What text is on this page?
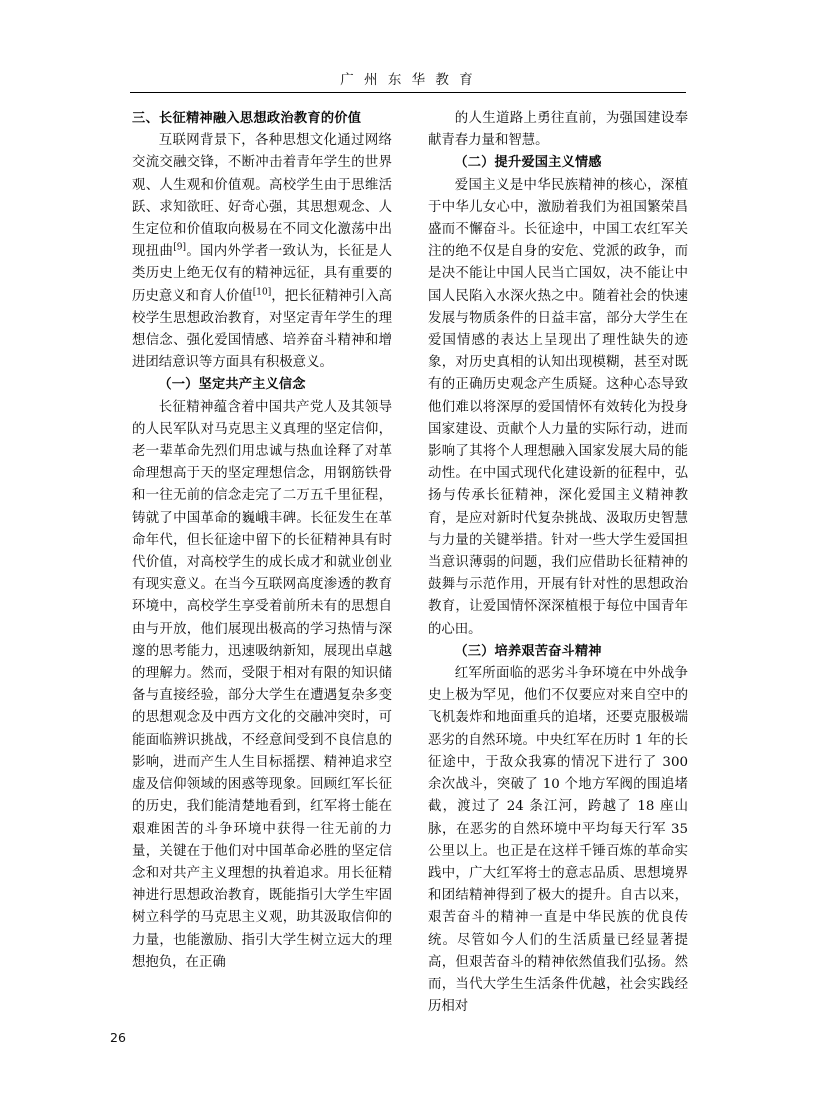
广 州 东 华 教 育

三、长征精神融入思想政治教育的价值

互联网背景下，各种思想文化通过网络交流交融交锋，不断冲击着青年学生的世界观、人生观和价值观。高校学生由于思维活跃、求知欲旺、好奇心强，其思想观念、人生定位和价值取向极易在不同文化激荡中出现扭曲[9]。国内外学者一致认为，长征是人类历史上绝无仅有的精神远征，具有重要的历史意义和育人价值[10]，把长征精神引入高校学生思想政治教育，对坚定青年学生的理想信念、强化爱国情感、培养奋斗精神和增进团结意识等方面具有积极意义。

（一）坚定共产主义信念

长征精神蕴含着中国共产党人及其领导的人民军队对马克思主义真理的坚定信仰，老一辈革命先烈们用忠诚与热血诠释了对革命理想高于天的坚定理想信念，用钢筋铁骨和一往无前的信念走完了二万五千里征程，铸就了中国革命的巍峨丰碑。长征发生在革命年代，但长征途中留下的长征精神具有时代价值，对高校学生的成长成才和就业创业有现实意义。在当今互联网高度渗透的教育环境中，高校学生享受着前所未有的思想自由与开放，他们展现出极高的学习热情与深邃的思考能力，迅速吸纳新知，展现出卓越的理解力。然而，受限于相对有限的知识储备与直接经验，部分大学生在遭遇复杂多变的思想观念及中西方文化的交融冲突时，可能面临辨识挑战，不经意间受到不良信息的影响，进而产生人生目标摇摆、精神追求空虚及信仰领域的困惑等现象。回顾红军长征的历史，我们能清楚地看到，红军将士能在艰难困苦的斗争环境中获得一往无前的力量，关键在于他们对中国革命必胜的坚定信念和对共产主义理想的执着追求。用长征精神进行思想政治教育，既能指引大学生牢固树立科学的马克思主义观，助其汲取信仰的力量，也能激励、指引大学生树立远大的理想抱负，在正确

的人生道路上勇往直前，为强国建设奉献青春力量和智慧。

（二）提升爱国主义情感

爱国主义是中华民族精神的核心，深植于中华儿女心中，激励着我们为祖国繁荣昌盛而不懈奋斗。长征途中，中国工农红军关注的绝不仅是自身的安危、党派的政争，而是决不能让中国人民当亡国奴，决不能让中国人民陷入水深火热之中。随着社会的快速发展与物质条件的日益丰富，部分大学生在爱国情感的表达上呈现出了理性缺失的迹象，对历史真相的认知出现模糊，甚至对既有的正确历史观念产生质疑。这种心态导致他们难以将深厚的爱国情怀有效转化为投身国家建设、贡献个人力量的实际行动，进而影响了其将个人理想融入国家发展大局的能动性。在中国式现代化建设新的征程中，弘扬与传承长征精神，深化爱国主义精神教育，是应对新时代复杂挑战、汲取历史智慧与力量的关键举措。针对一些大学生爱国担当意识薄弱的问题，我们应借助长征精神的鼓舞与示范作用，开展有针对性的思想政治教育，让爱国情怀深深植根于每位中国青年的心田。

（三）培养艰苦奋斗精神

红军所面临的恶劣斗争环境在中外战争史上极为罕见，他们不仅要应对来自空中的飞机轰炸和地面重兵的追堵，还要克服极端恶劣的自然环境。中央红军在历时 1 年的长征途中，于敌众我寡的情况下进行了 300 余次战斗，突破了 10 个地方军阀的围追堵截，渡过了 24 条江河，跨越了 18 座山脉，在恶劣的自然环境中平均每天行军 35 公里以上。也正是在这样千锤百炼的革命实践中，广大红军将士的意志品质、思想境界和团结精神得到了极大的提升。自古以来，艰苦奋斗的精神一直是中华民族的优良传统。尽管如今人们的生活质量已经显著提高，但艰苦奋斗的精神依然值我们弘扬。然而，当代大学生生活条件优越，社会实践经历相对

26
